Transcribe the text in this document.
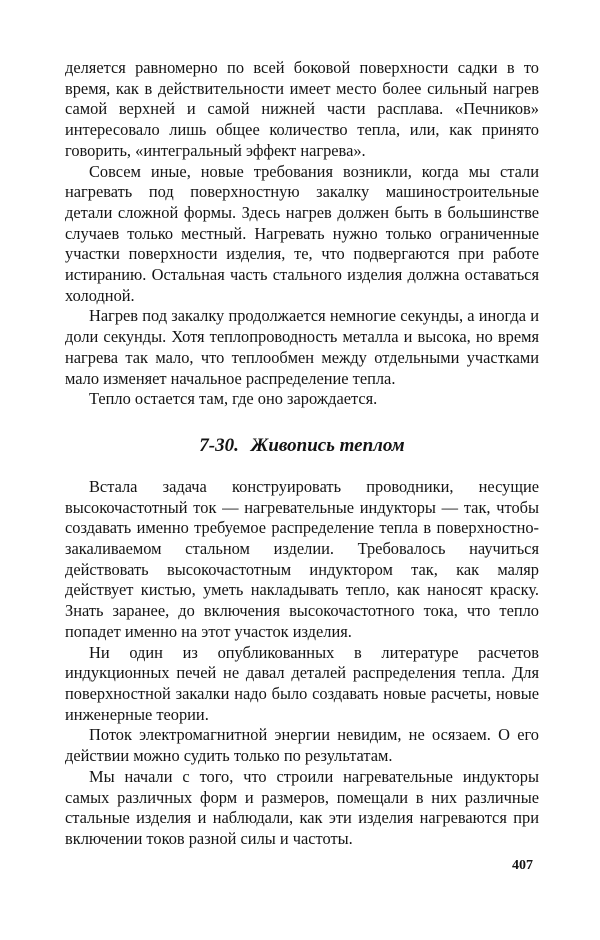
деляется равномерно по всей боковой поверхности садки в то время, как в действительности имеет место более сильный нагрев самой верхней и самой нижней части расплава. «Печников» интересовало лишь общее количество тепла, или, как принято говорить, «интегральный эффект нагрева».

Совсем иные, новые требования возникли, когда мы стали нагревать под поверхностную закалку машиностроительные детали сложной формы. Здесь нагрев должен быть в большинстве случаев только местный. Нагревать нужно только ограниченные участки поверхности изделия, те, что подвергаются при работе истиранию. Остальная часть стального изделия должна оставаться холодной.

Нагрев под закалку продолжается немногие секунды, а иногда и доли секунды. Хотя теплопроводность металла и высока, но время нагрева так мало, что теплообмен между отдельными участками мало изменяет начальное распределение тепла.

Тепло остается там, где оно зарождается.

7-30. Живопись теплом

Встала задача конструировать проводники, несущие высокочастотный ток — нагревательные индукторы — так, чтобы создавать именно требуемое распределение тепла в поверхностно-закаливаемом стальном изделии. Требовалось научиться действовать высокочастотным индуктором так, как маляр действует кистью, уметь накладывать тепло, как наносят краску. Знать заранее, до включения высокочастотного тока, что тепло попадет именно на этот участок изделия.

Ни один из опубликованных в литературе расчетов индукционных печей не давал деталей распределения тепла. Для поверхностной закалки надо было создавать новые расчеты, новые инженерные теории.

Поток электромагнитной энергии невидим, не осязаем. О его действии можно судить только по результатам.

Мы начали с того, что строили нагревательные индукторы самых различных форм и размеров, помещали в них различные стальные изделия и наблюдали, как эти изделия нагреваются при включении токов разной силы и частоты.

407
